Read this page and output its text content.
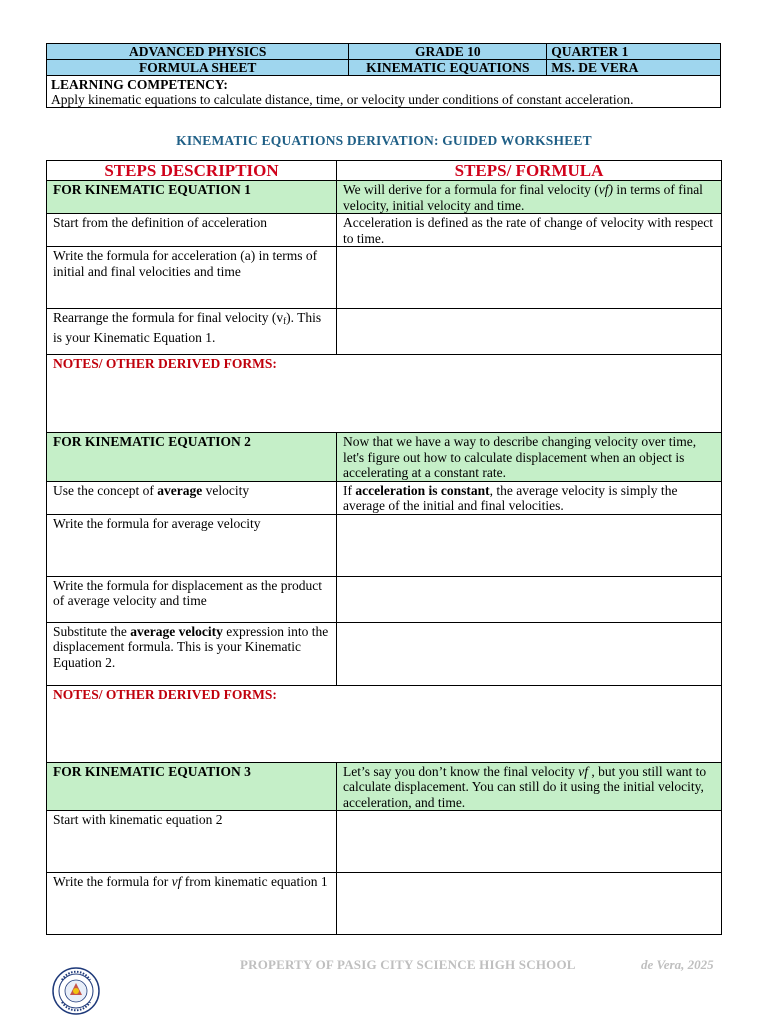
ADVANCED PHYSICS	GRADE 10	QUARTER 1
FORMULA SHEET	KINEMATIC EQUATIONS	MS. DE VERA

LEARNING COMPETENCY:
Apply kinematic equations to calculate distance, time, or velocity under conditions of constant acceleration.		
KINEMATIC EQUATIONS DERIVATION: GUIDED WORKSHEET
STEPS DESCRIPTION	STEPS/ FORMULA
FOR KINEMATIC EQUATION 1	We will derive for a formula for final velocity (vf) in terms of final velocity, initial velocity and time.
Start from the definition of acceleration	Acceleration is defined as the rate of change of velocity with respect to time.
Write the formula for acceleration (a) in terms of initial and final velocities and time	
Rearrange the formula for final velocity $(v_f)$. This is your Kinematic Equation 1.	
NOTES/ OTHER DERIVED FORMS:	
FOR KINEMATIC EQUATION 2	Now that we have a way to describe changing velocity over time, let's figure out how to calculate displacement when an object is accelerating at a constant rate.
Use the concept of average velocity	If acceleration is constant, the average velocity is simply the average of the initial and final velocities.
Write the formula for average velocity	
Write the formula for displacement as the product of average velocity and time	
Substitute the average velocity expression into the displacement formula. This is your Kinematic Equation 2.	
NOTES/ OTHER DERIVED FORMS:	
FOR KINEMATIC EQUATION 3	Let’s say you don’t know the final velocity vf , but you still want to calculate displacement. You can still do it using the initial velocity, acceleration, and time.
Start with kinematic equation 2	
Write the formula for vf from kinematic equation 1	
PROPERTY OF PASIG CITY SCIENCE HIGH SCHOOL	de Vera, 2025
